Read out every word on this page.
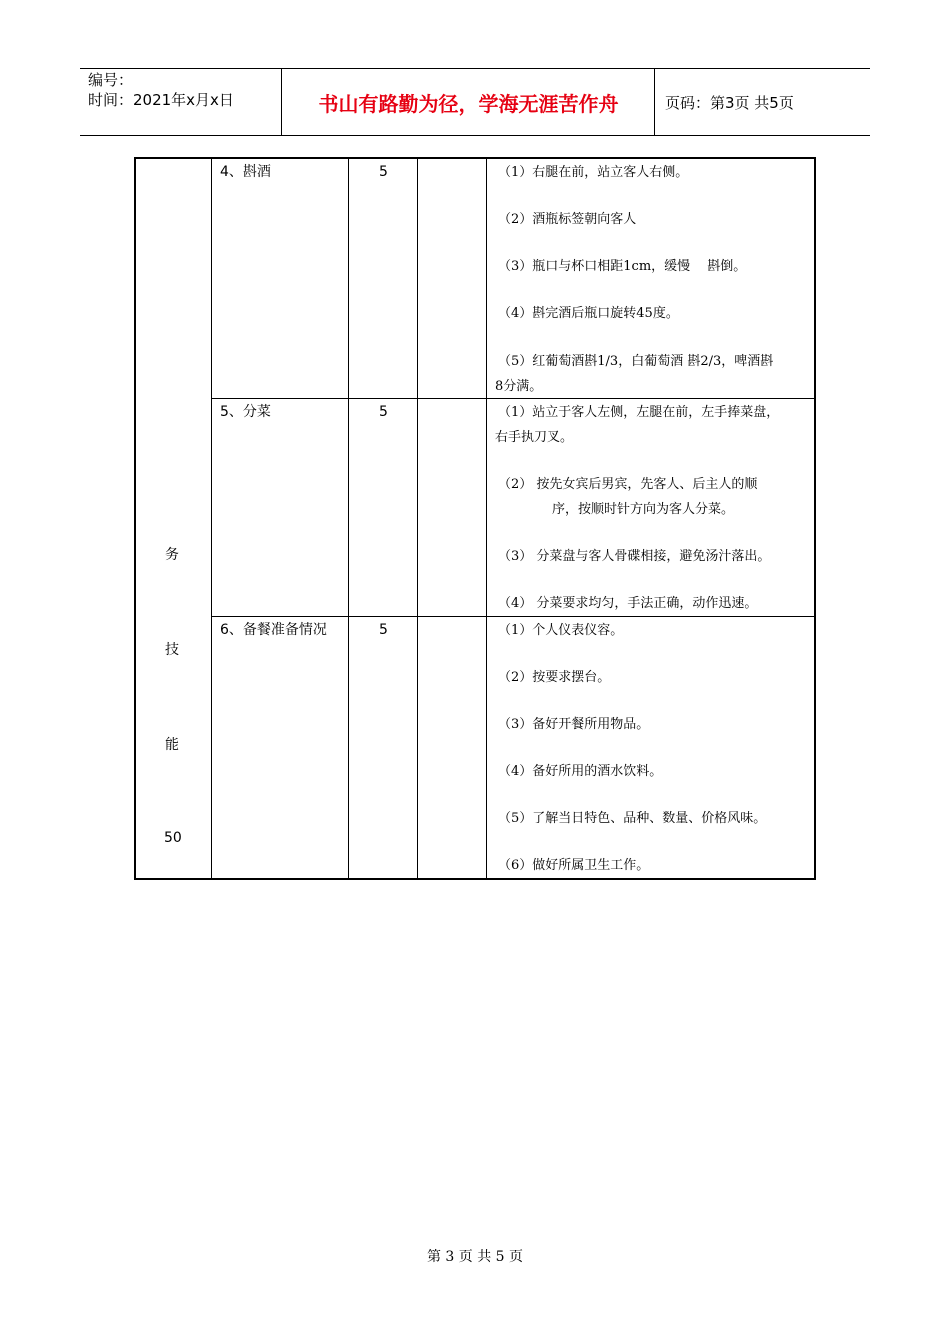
编号：
时间：2021年x月x日	书山有路勤为径，学海无涯苦作舟	页码：第3页 共5页
务
技
能
50
4、斟酒	5	（1）右腿在前，站立客人右侧。
（2）酒瓶标签朝向客人
（3）瓶口与杯口相距1cm，缓慢　 斟倒。
（4）斟完酒后瓶口旋转45度。
（5）红葡萄酒斟1/3，白葡萄酒 斟2/3，啤酒斟
8分满。
5、分菜	5	（1）站立于客人左侧，左腿在前，左手捧菜盘，
右手执刀叉。
（2） 按先女宾后男宾，先客人、后主人的顺
序，按顺时针方向为客人分菜。
（3） 分菜盘与客人骨碟相接，避免汤汁落出。
（4） 分菜要求均匀，手法正确，动作迅速。
6、备餐准备情况	5	（1）个人仪表仪容。
（2）按要求摆台。
（3）备好开餐所用物品。
（4）备好所用的酒水饮料。
（5）了解当日特色、品种、数量、价格风味。
（6）做好所属卫生工作。
第 3 页 共 5 页
